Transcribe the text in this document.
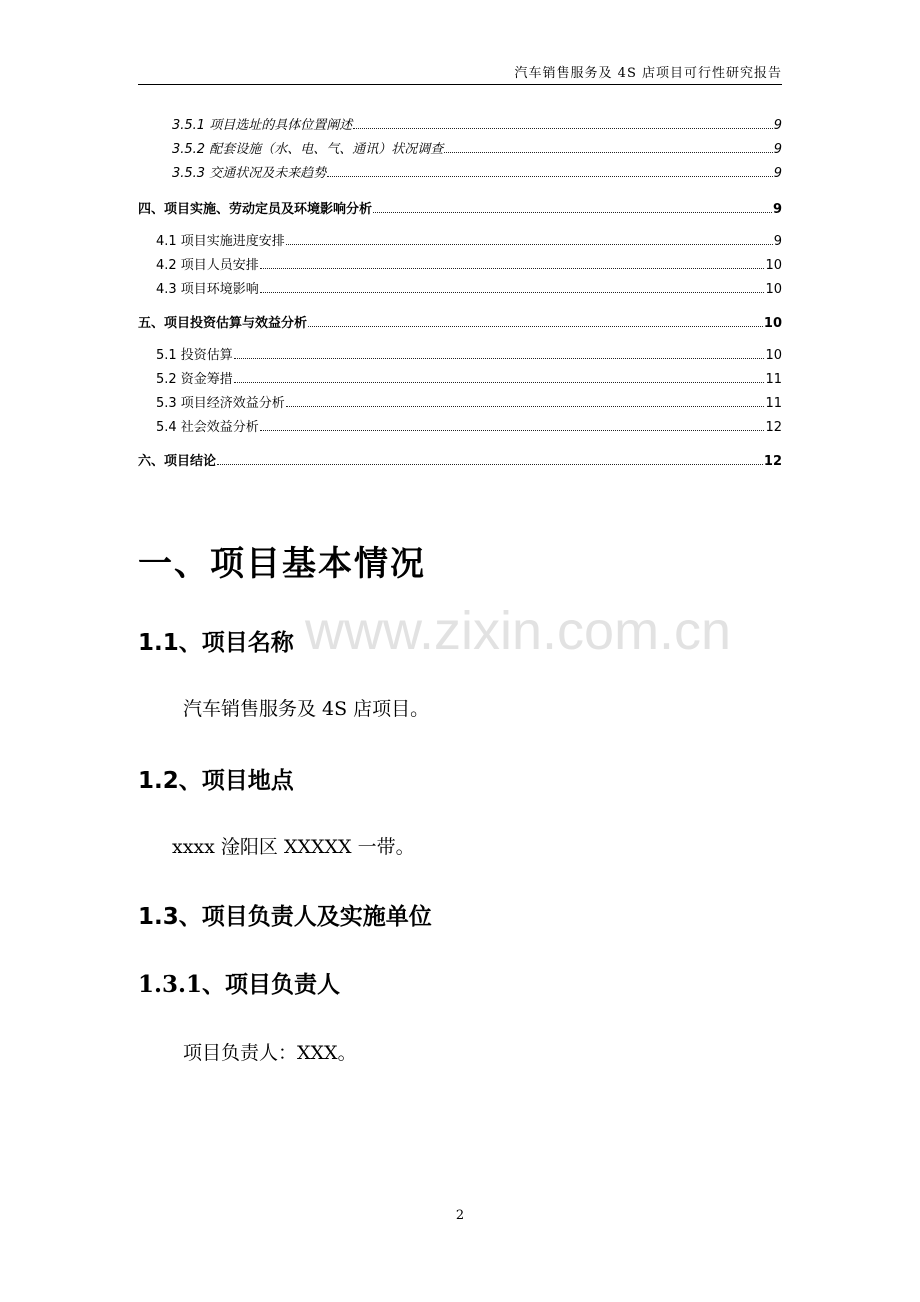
汽车销售服务及 4S 店项目可行性研究报告
3.5.1 项目选址的具体位置阐述	9
3.5.2 配套设施（水、电、气、通讯）状况调查	9
3.5.3 交通状况及未来趋势	9
四、项目实施、劳动定员及环境影响分析	9
4.1 项目实施进度安排	9
4.2 项目人员安排	10
4.3 项目环境影响	10
五、项目投资估算与效益分析	10
5.1 投资估算	10
5.2 资金筹措	11
5.3 项目经济效益分析	11
5.4 社会效益分析	12
六、项目结论	12
www.zixin.com.cn
一、项目基本情况
1.1、项目名称
汽车销售服务及 4S 店项目。
1.2、项目地点
xxxx 淦阳区 XXXXX 一带。
1.3、项目负责人及实施单位
1.3.1、项目负责人
项目负责人：XXX。
2
